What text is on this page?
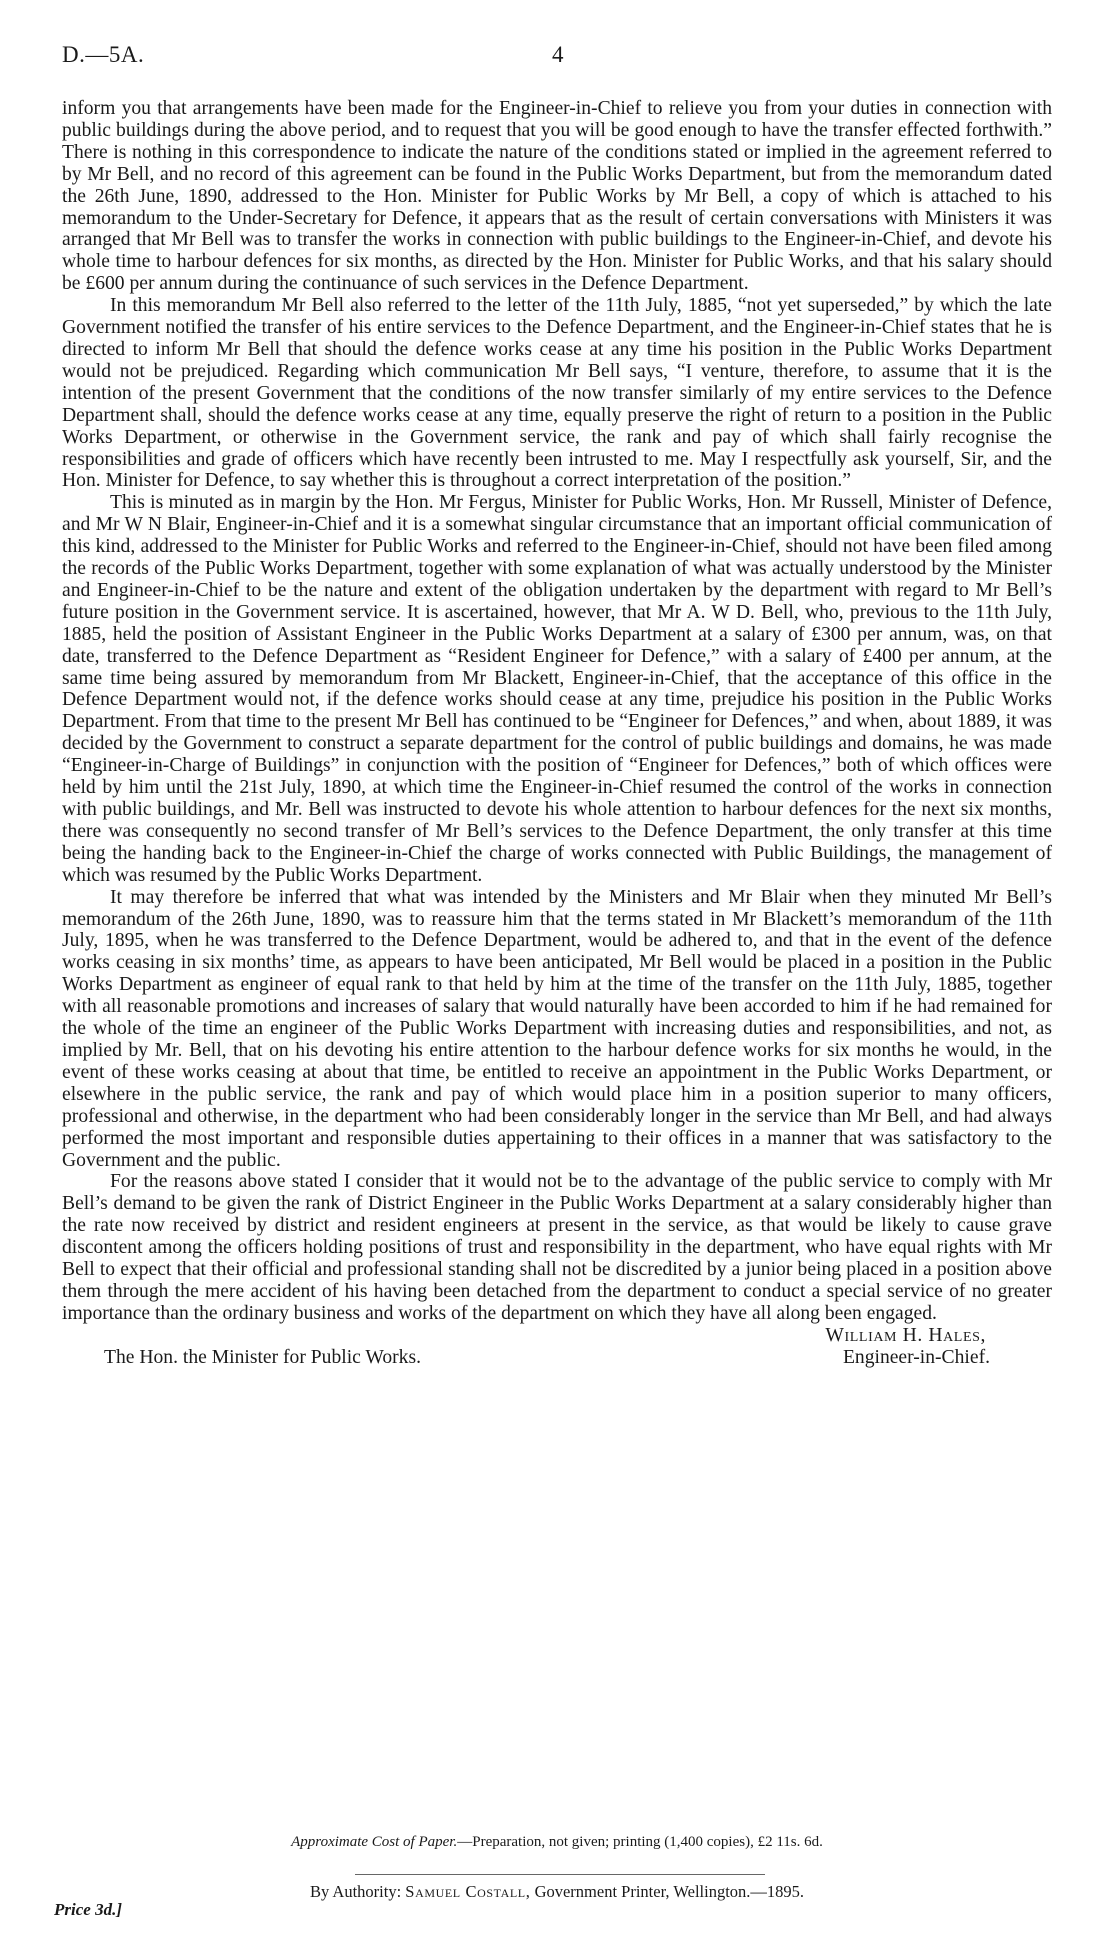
D.—5A.	4

inform you that arrangements have been made for the Engineer-in-Chief to relieve you from your duties in connection with public buildings during the above period, and to request that you will be good enough to have the transfer effected forthwith.” There is nothing in this correspondence to indicate the nature of the conditions stated or implied in the agreement referred to by Mr Bell, and no record of this agreement can be found in the Public Works Department, but from the memorandum dated the 26th June, 1890, addressed to the Hon. Minister for Public Works by Mr Bell, a copy of which is attached to his memorandum to the Under-Secretary for Defence, it appears that as the result of certain conversations with Ministers it was arranged that Mr Bell was to transfer the works in connection with public buildings to the Engineer-in-Chief, and devote his whole time to harbour defences for six months, as directed by the Hon. Minister for Public Works, and that his salary should be £600 per annum during the continuance of such services in the Defence Department.

In this memorandum Mr Bell also referred to the letter of the 11th July, 1885, “not yet superseded,” by which the late Government notified the transfer of his entire services to the Defence Department, and the Engineer-in-Chief states that he is directed to inform Mr Bell that should the defence works cease at any time his position in the Public Works Department would not be prejudiced. Regarding which communication Mr Bell says, “I venture, therefore, to assume that it is the intention of the present Government that the conditions of the now transfer similarly of my entire services to the Defence Department shall, should the defence works cease at any time, equally preserve the right of return to a position in the Public Works Department, or otherwise in the Government service, the rank and pay of which shall fairly recognise the responsibilities and grade of officers which have recently been intrusted to me. May I respectfully ask yourself, Sir, and the Hon. Minister for Defence, to say whether this is throughout a correct interpretation of the position.”

This is minuted as in margin by the Hon. Mr Fergus, Minister for Public Works, Hon. Mr Russell, Minister of Defence, and Mr W N Blair, Engineer-in-Chief and it is a somewhat singular circumstance that an important official communication of this kind, addressed to the Minister for Public Works and referred to the Engineer-in-Chief, should not have been filed among the records of the Public Works Department, together with some explanation of what was actually understood by the Minister and Engineer-in-Chief to be the nature and extent of the obligation undertaken by the department with regard to Mr Bell’s future position in the Government service. It is ascertained, however, that Mr A. W D. Bell, who, previous to the 11th July, 1885, held the position of Assistant Engineer in the Public Works Department at a salary of £300 per annum, was, on that date, transferred to the Defence Department as “Resident Engineer for Defence,” with a salary of £400 per annum, at the same time being assured by memorandum from Mr Blackett, Engineer-in-Chief, that the acceptance of this office in the Defence Department would not, if the defence works should cease at any time, prejudice his position in the Public Works Department. From that time to the present Mr Bell has continued to be “Engineer for Defences,” and when, about 1889, it was decided by the Government to construct a separate department for the control of public buildings and domains, he was made “Engineer-in-Charge of Buildings” in conjunction with the position of “Engineer for Defences,” both of which offices were held by him until the 21st July, 1890, at which time the Engineer-in-Chief resumed the control of the works in connection with public buildings, and Mr. Bell was instructed to devote his whole attention to harbour defences for the next six months, there was consequently no second transfer of Mr Bell’s services to the Defence Department, the only transfer at this time being the handing back to the Engineer-in-Chief the charge of works connected with Public Buildings, the management of which was resumed by the Public Works Department.

It may therefore be inferred that what was intended by the Ministers and Mr Blair when they minuted Mr Bell’s memorandum of the 26th June, 1890, was to reassure him that the terms stated in Mr Blackett’s memorandum of the 11th July, 1895, when he was transferred to the Defence Department, would be adhered to, and that in the event of the defence works ceasing in six months’ time, as appears to have been anticipated, Mr Bell would be placed in a position in the Public Works Department as engineer of equal rank to that held by him at the time of the transfer on the 11th July, 1885, together with all reasonable promotions and increases of salary that would naturally have been accorded to him if he had remained for the whole of the time an engineer of the Public Works Department with increasing duties and responsibilities, and not, as implied by Mr. Bell, that on his devoting his entire attention to the harbour defence works for six months he would, in the event of these works ceasing at about that time, be entitled to receive an appointment in the Public Works Department, or elsewhere in the public service, the rank and pay of which would place him in a position superior to many officers, professional and otherwise, in the department who had been considerably longer in the service than Mr Bell, and had always performed the most important and responsible duties appertaining to their offices in a manner that was satisfactory to the Government and the public.

For the reasons above stated I consider that it would not be to the advantage of the public service to comply with Mr Bell’s demand to be given the rank of District Engineer in the Public Works Department at a salary considerably higher than the rate now received by district and resident engineers at present in the service, as that would be likely to cause grave discontent among the officers holding positions of trust and responsibility in the department, who have equal rights with Mr Bell to expect that their official and professional standing shall not be discredited by a junior being placed in a position above them through the mere accident of his having been detached from the department to conduct a special service of no greater importance than the ordinary business and works of the department on which they have all along been engaged.

William H. Hales,
The Hon. the Minister for Public Works.	Engineer-in-Chief.
Approximate Cost of Paper.—Preparation, not given; printing (1,400 copies), £2 11s. 6d.
By Authority: Samuel Costall, Government Printer, Wellington.—1895.
Price 3d.]
